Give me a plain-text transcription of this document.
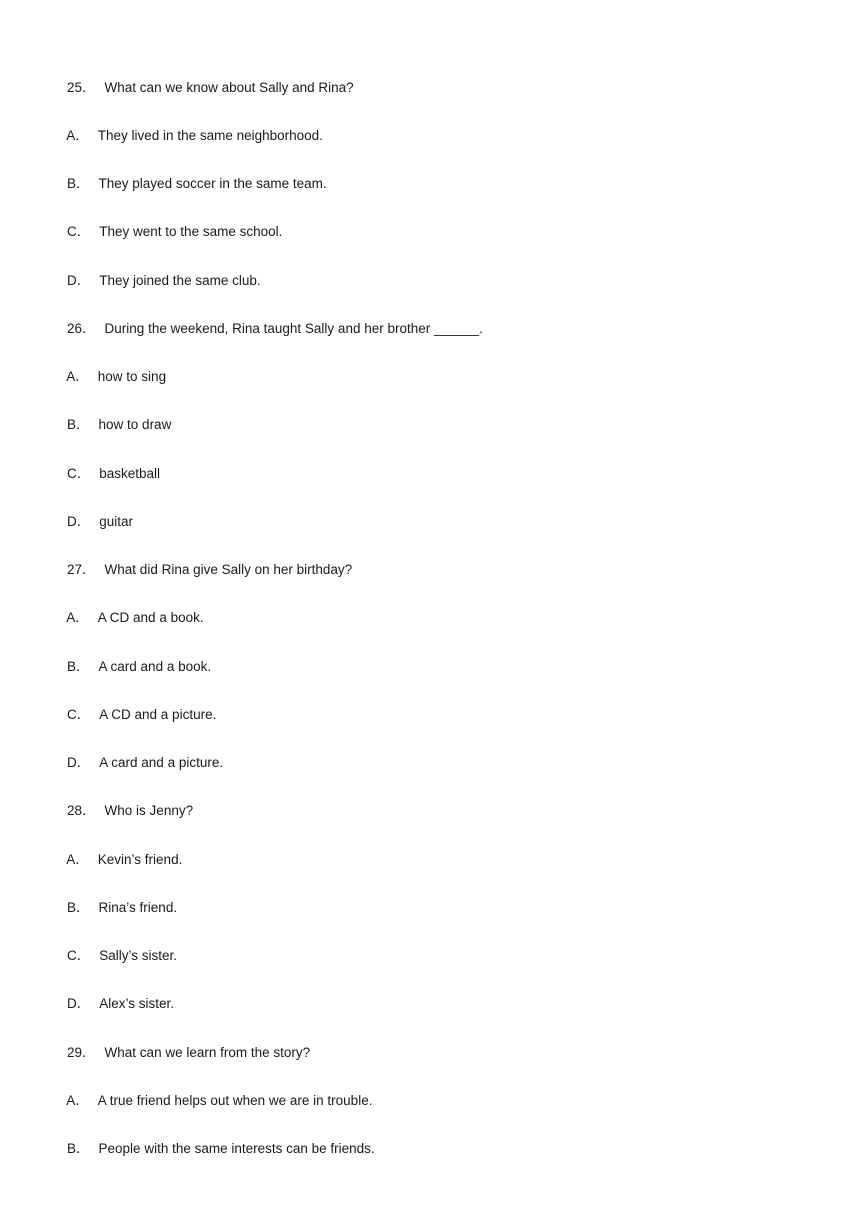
25． What can we know about Sally and Rina?

A． They lived in the same neighborhood.

B． They played soccer in the same team.

C． They went to the same school.

D． They joined the same club.

26． During the weekend, Rina taught Sally and her brother ______.

A． how to sing

B． how to draw

C． basketball

D． guitar

27． What did Rina give Sally on her birthday?

A． A CD and a book.

B． A card and a book.

C． A CD and a picture.

D． A card and a picture.

28． Who is Jenny?

A． Kevin’s friend.

B． Rina’s friend.

C． Sally’s sister.

D． Alex’s sister.

29． What can we learn from the story?

A． A true friend helps out when we are in trouble.

B． People with the same interests can be friends.
